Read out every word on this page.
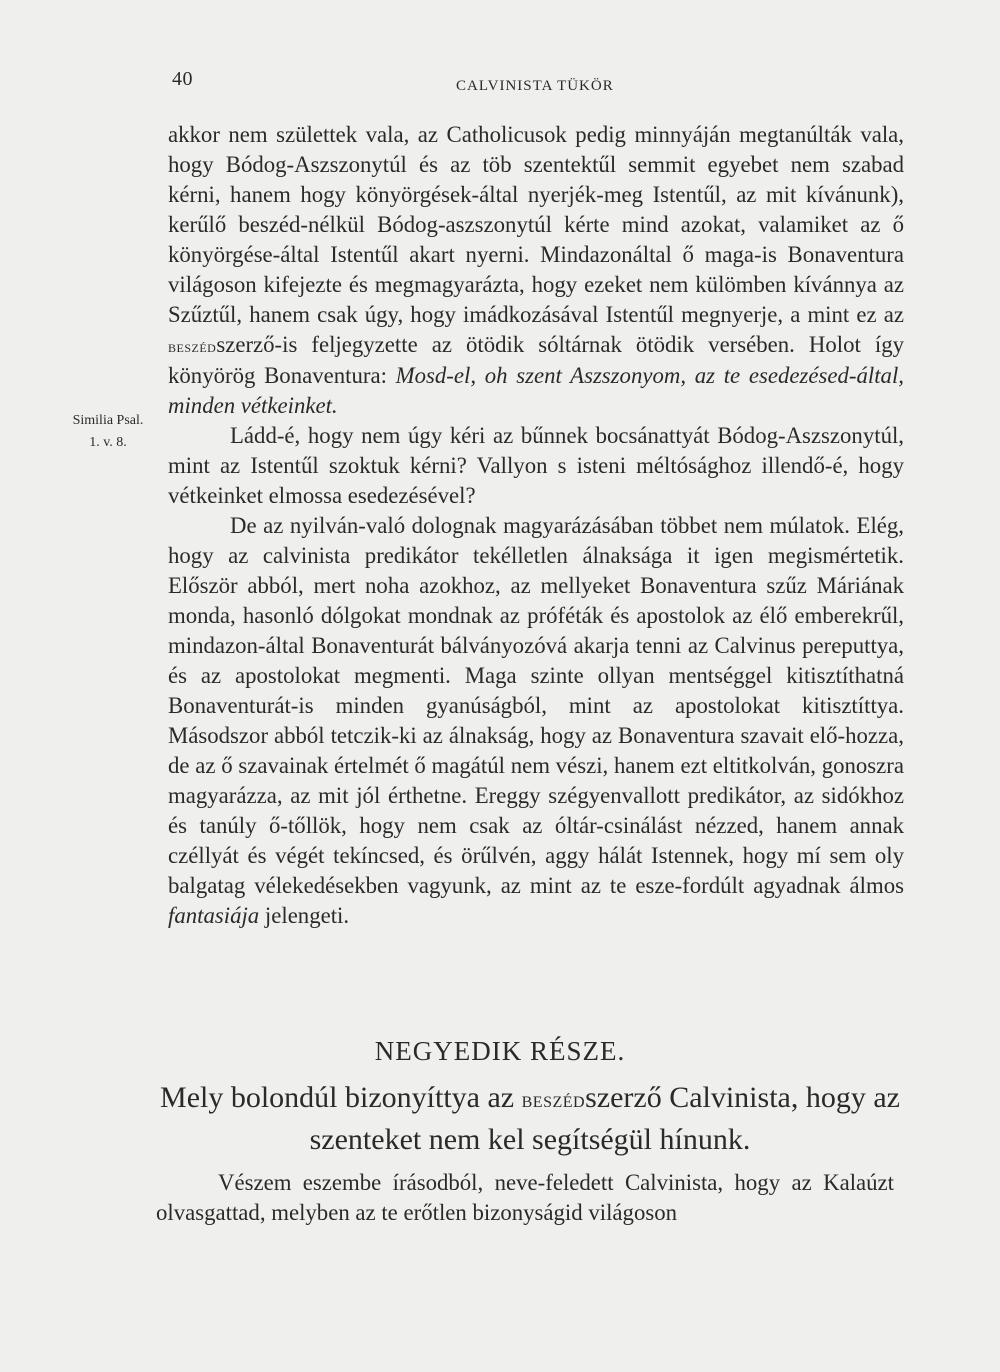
40	CALVINISTA TÜKÖR
Similia Psal.
1. v. 8.

akkor nem születtek vala, az Catholicusok pedig minnyáján megtanúlták vala, hogy Bódog-Aszszonytúl és az töb szentektűl semmit egyebet nem szabad kérni, hanem hogy könyörgések-által nyerjék-meg Istentűl, az mit kívánunk), kerűlő beszéd-nélkül Bódog-aszszonytúl kérte mind azokat, valamiket az ő könyörgése-által Istentűl akart nyerni. Mindazonáltal ő maga-is Bonaventura világoson kifejezte és megmagyarázta, hogy ezeket nem külömben kívánnya az Szűztűl, hanem csak úgy, hogy imádkozásával Istentűl megnyerje, a mint ez az beszédszerző-is feljegyzette az ötödik sóltárnak ötödik versében. Holot így könyörög Bonaventura: Mosd-el, oh szent Aszszonyom, az te esedezésed-által, minden vétkeinket.

Ládd-é, hogy nem úgy kéri az bűnnek bocsánattyát Bódog-Aszszonytúl, mint az Istentűl szoktuk kérni? Vallyon s isteni méltósághoz illendő-é, hogy vétkeinket elmossa esedezésével?

De az nyilván-való dolognak magyarázásában többet nem múlatok. Elég, hogy az calvinista predikátor tekélletlen álnaksága it igen megismértetik. Először abból, mert noha azokhoz, az mellyeket Bonaventura szűz Máriának monda, hasonló dólgokat mondnak az próféták és apostolok az élő emberekrűl, mindazon-által Bonaventurát bálványozóvá akarja tenni az Calvinus pereputtya, és az apostolokat megmenti. Maga szinte ollyan mentséggel kitisztíthatná Bonaventurát-is minden gyanúságból, mint az apostolokat kitisztíttya. Másodszor abból tetczik-ki az álnakság, hogy az Bonaventura szavait elő-hozza, de az ő szavainak értelmét ő magátúl nem vészi, hanem ezt eltitkolván, gonoszra magyarázza, az mit jól érthetne. Ereggy szégyenvallott predikátor, az sidókhoz és tanúly ő-tőllök, hogy nem csak az óltár-csinálást nézzed, hanem annak czéllyát és végét tekíncsed, és örűlvén, aggy hálát Istennek, hogy mí sem oly balgatag vélekedésekben vagyunk, az mint az te esze-fordúlt agyadnak álmos fantasiája jelengeti.

NEGYEDIK RÉSZE.
Mely bolondúl bizonyíttya az beszédszerző Calvinista, hogy az szenteket nem kel segítségül hínunk.

Vészem eszembe írásodból, neve-feledett Calvinista, hogy az Kalaúzt olvasgattad, melyben az te erőtlen bizonyságid világoson
